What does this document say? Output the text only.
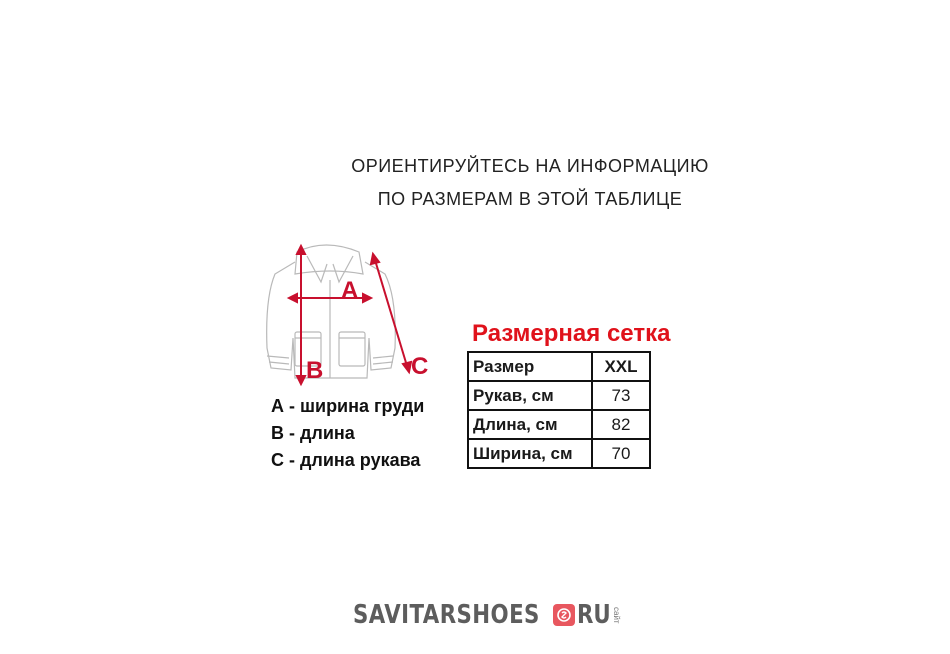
ОРИЕНТИРУЙТЕСЬ НА ИНФОРМАЦИЮ
ПО РАЗМЕРАМ В ЭТОЙ ТАБЛИЦЕ
A
B	C
А - ширина груди
В - длина
С - длина рукава
Размерная сетка
Размер	XXL
Рукав, см	73
Длина, см	82
Ширина, см	70
SAVITARSHOES RU сайт
